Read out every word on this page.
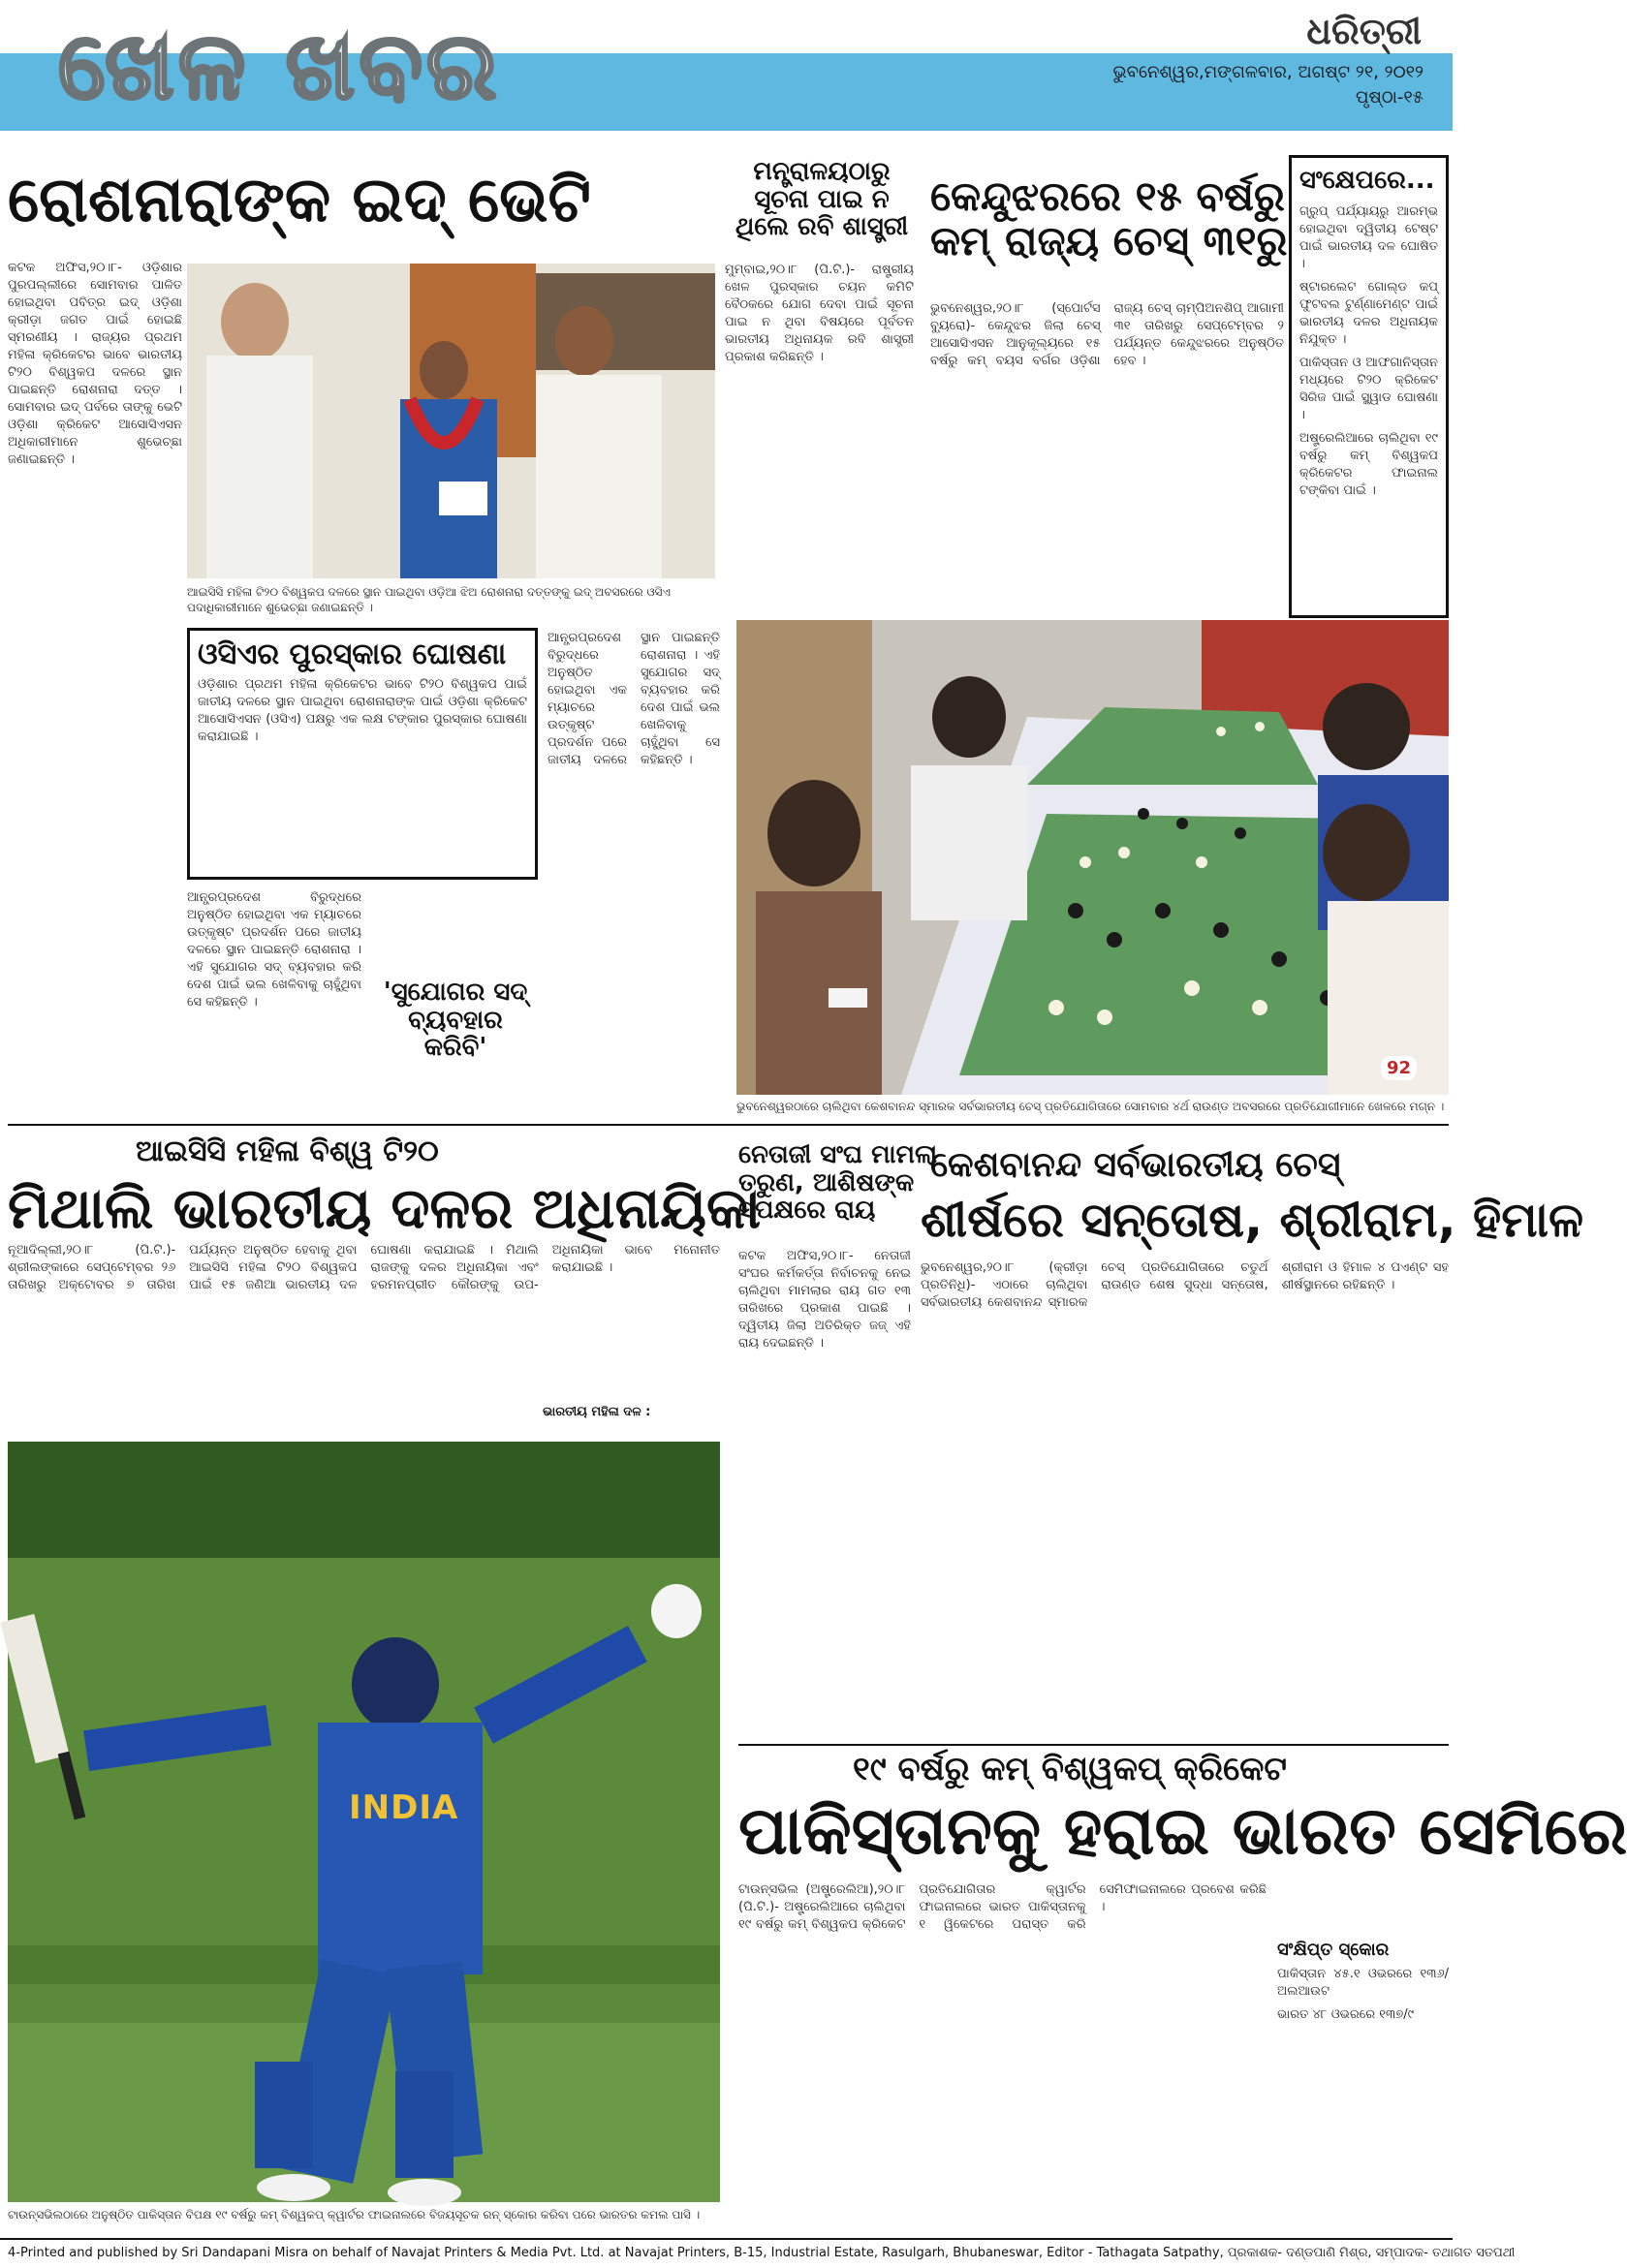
ଖେଳ ଖବର	ଧରିତ୍ରୀ
ଭୁବନେଶ୍ୱର,ମଙ୍ଗଳବାର, ଅଗଷ୍ଟ ୨୧, ୨୦୧୨
ପୃଷ୍ଠା-୧୫
ରୋଶନାରାଙ୍କ ଇଦ୍ ଭେଟି
କଟକ ଅଫିସ,୨୦।୮- ଓଡ଼ିଶାର ପୁରପଲ୍ଲୀରେ ସୋମବାର ପାଳିତ ହୋଇଥିବା ପବିତ୍ର ଇଦ୍ ଓଡ଼ିଶା କ୍ରୀଡ଼ା ଜଗତ ପାଇଁ ହୋଇଛି ସ୍ମରଣୀୟ । ରାଜ୍ୟର ପ୍ରଥମ ମହିଳା କ୍ରିକେଟର ଭାବେ ଭାରତୀୟ ଟି୨୦ ବିଶ୍ୱକପ ଦଳରେ ସ୍ଥାନ ପାଇଛନ୍ତି ରୋଶନାରା ଦତ୍ତ । ସୋମବାର ଇଦ୍ ପର୍ବରେ ତାଙ୍କୁ ଭେଟି ଓଡ଼ିଶା କ୍ରିକେଟ ଆସୋସିଏସନ ଅଧିକାରୀମାନେ ଶୁଭେଚ୍ଛା ଜଣାଇଛନ୍ତି ।
ଆଇସିସି ମହିଳା ଟି୨୦ ବିଶ୍ୱକପ ଦଳରେ ସ୍ଥାନ ପାଇଥିବା ଓଡ଼ିଆ ଝିଅ ରୋଶନାରା ଦତ୍ତଙ୍କୁ ଇଦ୍ ଅବସରରେ ଓସିଏ ପଦାଧିକାରୀମାନେ ଶୁଭେଚ୍ଛା ଜଣାଇଛନ୍ତି ।
ମନ୍ତ୍ରାଳୟଠାରୁ
ସୂଚନା ପାଇ ନ
ଥିଲେ ରବି ଶାସ୍ତ୍ରୀ
ମୁମ୍ବାଇ,୨୦।୮ (ପି.ଟି.)- ରାଷ୍ଟ୍ରୀୟ ଖେଳ ପୁରସ୍କାର ଚୟନ କମିଟି ବୈଠକରେ ଯୋଗ ଦେବା ପାଇଁ ସୂଚନା ପାଇ ନ ଥିବା ବିଷୟରେ ପୂର୍ବତନ ଭାରତୀୟ ଅଧିନାୟକ ରବି ଶାସ୍ତ୍ରୀ ପ୍ରକାଶ କରିଛନ୍ତି ।
କେନ୍ଦୁଝରରେ ୧୫ ବର୍ଷରୁ
କମ୍ ରାଜ୍ୟ ଚେସ୍ ୩୧ରୁ
ଭୁବନେଶ୍ୱର,୨୦।୮ (ସ୍ପୋର୍ଟସ ବ୍ୟୁରୋ)- କେନ୍ଦୁଝର ଜିଲା ଚେସ୍ ଆସୋସିଏସନ ଆନୁକୂଲ୍ୟରେ ୧୫ ବର୍ଷରୁ କମ୍ ବୟସ ବର୍ଗର ଓଡ଼ିଶା ରାଜ୍ୟ ଚେସ୍ ଚାମ୍ପିଅନଶିପ୍ ଆଗାମୀ ୩୧ ତାରିଖରୁ ସେପ୍ଟେମ୍ବର ୨ ପର୍ଯ୍ୟନ୍ତ କେନ୍ଦୁଝରରେ ଅନୁଷ୍ଠିତ ହେବ ।
ସଂକ୍ଷେପରେ...
ଗ୍ରୁପ୍ ପର୍ଯ୍ୟାୟରୁ ଆରମ୍ଭ ହୋଇଥିବା ଦ୍ୱିତୀୟ ଟେଷ୍ଟ ପାଇଁ ଭାରତୀୟ ଦଳ ଘୋଷିତ ।
ଷ୍ଟାରଲେଟ ଗୋଲ୍ଡ କପ୍ ଫୁଟବଲ ଟୁର୍ଣ୍ଣାମେଣ୍ଟ ପାଇଁ ଭାରତୀୟ ଦଳର ଅଧିନାୟକ ନିଯୁକ୍ତ ।
ପାକିସ୍ତାନ ଓ ଆଫଗାନିସ୍ତାନ ମଧ୍ୟରେ ଟି୨୦ କ୍ରିକେଟ ସିରିଜ ପାଇଁ ସ୍କ୍ୱାଡ ଘୋଷଣା ।
ଅଷ୍ଟ୍ରେଲିଆରେ ଚାଲିଥିବା ୧୯ ବର୍ଷରୁ କମ୍ ବିଶ୍ୱକପ କ୍ରିକେଟର ଫାଇନାଲ ଟଙ୍କିବା ପାଇଁ ।
ଓସିଏର ପୁରସ୍କାର ଘୋଷଣା
ଓଡ଼ିଶାର ପ୍ରଥମ ମହିଳା କ୍ରିକେଟର ଭାବେ ଟି୨୦ ବିଶ୍ୱକପ ପାଇଁ ଜାତୀୟ ଦଳରେ ସ୍ଥାନ ପାଇଥିବା ରୋଶନାରାଙ୍କ ପାଇଁ ଓଡ଼ିଶା କ୍ରିକେଟ ଆସୋସିଏସନ (ଓସିଏ) ପକ୍ଷରୁ ଏକ ଲକ୍ଷ ଟଙ୍କାର ପୁରସ୍କାର ଘୋଷଣା କରାଯାଇଛି ।
ଆନ୍ଧ୍ରପ୍ରଦେଶ ବିରୁଦ୍ଧରେ ଅନୁଷ୍ଠିତ ହୋଇଥିବା ଏକ ମ୍ୟାଚରେ ଉତ୍କୃଷ୍ଟ ପ୍ରଦର୍ଶନ ପରେ ଜାତୀୟ ଦଳରେ ସ୍ଥାନ ପାଇଛନ୍ତି ରୋଶନାରା । ଏହି ସୁଯୋଗର ସଦ୍ ବ୍ୟବହାର କରି ଦେଶ ପାଇଁ ଭଲ ଖେଳିବାକୁ ଚାହୁଁଥିବା ସେ କହିଛନ୍ତି ।
ଆନ୍ଧ୍ରପ୍ରଦେଶ ବିରୁଦ୍ଧରେ ଅନୁଷ୍ଠିତ ହୋଇଥିବା ଏକ ମ୍ୟାଚରେ ଉତ୍କୃଷ୍ଟ ପ୍ରଦର୍ଶନ ପରେ ଜାତୀୟ ଦଳରେ ସ୍ଥାନ ପାଇଛନ୍ତି ରୋଶନାରା । ଏହି ସୁଯୋଗର ସଦ୍ ବ୍ୟବହାର କରି ଦେଶ ପାଇଁ ଭଲ ଖେଳିବାକୁ ଚାହୁଁଥିବା ସେ କହିଛନ୍ତି ।	'ସୁଯୋଗର ସଦ୍ ବ୍ୟବହାର କରିବି'
92
ଭୁବନେଶ୍ୱରଠାରେ ଚାଲିଥିବା କେଶବାନନ୍ଦ ସ୍ମାରକ ସର୍ବଭାରତୀୟ ଚେସ୍ ପ୍ରତିଯୋଗିତାରେ ସୋମବାର ୪ର୍ଥ ରାଉଣ୍ଡ ଅବସରରେ ପ୍ରତିଯୋଗୀମାନେ ଖେଳରେ ମଗ୍ନ ।
ଆଇସିସି ମହିଳା ବିଶ୍ୱ ଟି୨୦
ମିଥାଲି ଭାରତୀୟ ଦଳର ଅଧିନାୟିକା
ନୂଆଦିଲ୍ଲୀ,୨୦।୮ (ପି.ଟି.)- ଶ୍ରୀଲଙ୍କାରେ ସେପ୍ଟେମ୍ବର ୨୬ ତାରିଖରୁ ଅକ୍ଟୋବର ୭ ତାରିଖ ପର୍ଯ୍ୟନ୍ତ ଅନୁଷ୍ଠିତ ହେବାକୁ ଥିବା ଆଇସିସି ମହିଳା ଟି୨୦ ବିଶ୍ୱକପ ପାଇଁ ୧୫ ଜଣିଆ ଭାରତୀୟ ଦଳ ଘୋଷଣା କରାଯାଇଛି । ମିଥାଲି ରାଜଙ୍କୁ ଦଳର ଅଧିନାୟିକା ଏବଂ ହରମନପ୍ରୀତ କୌରଙ୍କୁ ଉପ-ଅଧିନାୟିକା ଭାବେ ମନୋନୀତ କରାଯାଇଛି ।
ଭାରତୀୟ ମହିଳା ଦଳ :
INDIA
ଟାଉନ୍ସଭିଲଠାରେ ଅନୁଷ୍ଠିତ ପାକିସ୍ତାନ ବିପକ୍ଷ ୧୯ ବର୍ଷରୁ କମ୍ ବିଶ୍ୱକପ୍ କ୍ୱାର୍ଟର ଫାଇନାଲରେ ବିଜୟସୂଚକ ରନ୍ ସ୍କୋର କରିବା ପରେ ଭାରତର କମଲ ପାସି ।
ନେତାଜୀ ସଂଘ ମାମଲା
ତରୁଣ, ଆଶିଷଙ୍କ
ସପକ୍ଷରେ ରାୟ
କଟକ ଅଫିସ,୨୦।୮- ନେତାଜୀ ସଂଘର କର୍ମକର୍ତ୍ତା ନିର୍ବାଚନକୁ ନେଇ ଚାଲିଥିବା ମାମଲାର ରାୟ ଗତ ୧୩ ତାରିଖରେ ପ୍ରକାଶ ପାଇଛି । ଦ୍ୱିତୀୟ ଜିଲା ଅତିରିକ୍ତ ଜଜ୍ ଏହି ରାୟ ଦେଇଛନ୍ତି ।
କେଶବାନନ୍ଦ ସର୍ବଭାରତୀୟ ଚେସ୍
ଶୀର୍ଷରେ ସନ୍ତୋଷ, ଶ୍ରୀରାମ, ହିମାଳ
ଭୁବନେଶ୍ୱର,୨୦।୮ (କ୍ରୀଡ଼ା ପ୍ରତିନିଧି)- ଏଠାରେ ଚାଲିଥିବା ସର୍ବଭାରତୀୟ କେଶବାନନ୍ଦ ସ୍ମାରକ ଚେସ୍ ପ୍ରତିଯୋଗିତାରେ ଚତୁର୍ଥ ରାଉଣ୍ଡ ଶେଷ ସୁଦ୍ଧା ସନ୍ତୋଷ, ଶ୍ରୀରାମ ଓ ହିମାଳ ୪ ପଏଣ୍ଟ ସହ ଶୀର୍ଷସ୍ଥାନରେ ରହିଛନ୍ତି ।
୧୯ ବର୍ଷରୁ କମ୍ ବିଶ୍ୱକପ୍ କ୍ରିକେଟ
ପାକିସ୍ତାନକୁ ହରାଇ ଭାରତ ସେମିରେ
ଟାଉନ୍ସଭିଲ (ଅଷ୍ଟ୍ରେଲିଆ),୨୦।୮ (ପି.ଟି.)- ଅଷ୍ଟ୍ରେଲିଆରେ ଚାଲିଥିବା ୧୯ ବର୍ଷରୁ କମ୍ ବିଶ୍ୱକପ କ୍ରିକେଟ ପ୍ରତିଯୋଗିତାର କ୍ୱାର୍ଟର ଫାଇନାଲରେ ଭାରତ ପାକିସ୍ତାନକୁ ୧ ୱିକେଟରେ ପରାସ୍ତ କରି ସେମିଫାଇନାଲରେ ପ୍ରବେଶ କରିଛି ।
ସଂକ୍ଷିପ୍ତ ସ୍କୋର
ପାକିସ୍ତାନ ୪୫.୧ ଓଭରରେ ୧୩୬/ଅଲଆଉଟ
ଭାରତ ୪୮ ଓଭରରେ ୧୩୭/୯
4-Printed and published by Sri Dandapani Misra on behalf of Navajat Printers & Media Pvt. Ltd. at Navajat Printers, B-15, Industrial Estate, Rasulgarh, Bhubaneswar, Editor - Tathagata Satpathy, ପ୍ରକାଶକ- ଦଣ୍ଡପାଣି ମିଶ୍ର, ସମ୍ପାଦକ- ତଥାଗତ ସତପଥୀ
